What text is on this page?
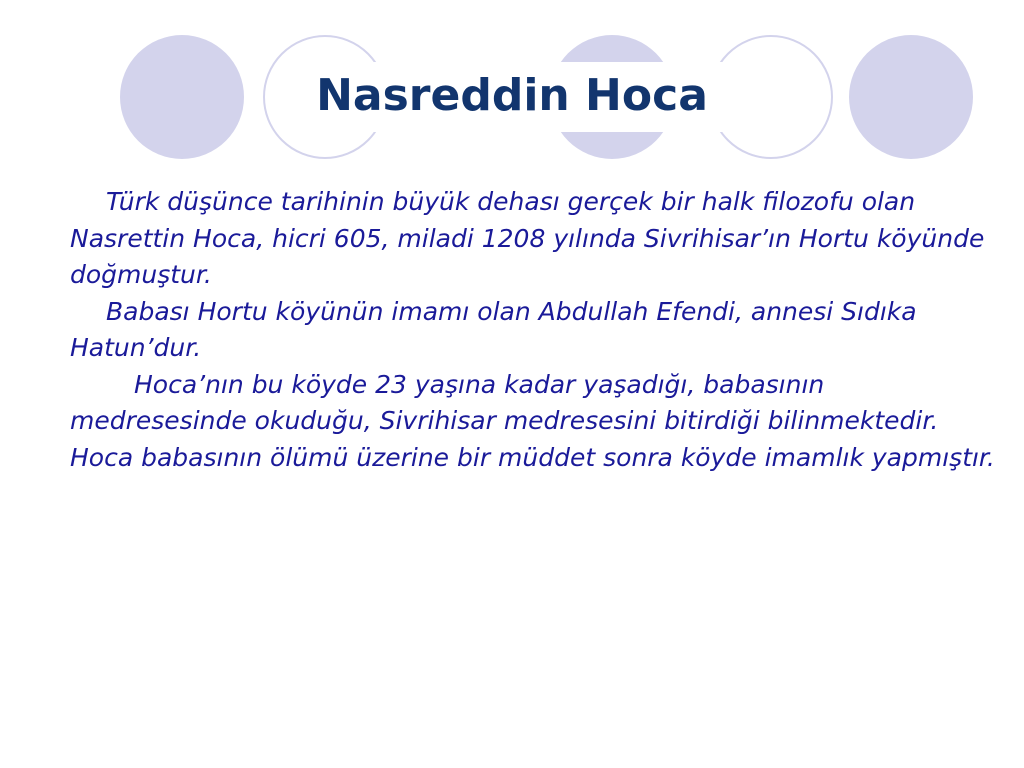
Nasreddin Hoca

Türk düşünce tarihinin büyük dehası gerçek bir halk filozofu olan Nasrettin Hoca, hicri 605, miladi 1208 yılında Sivrihisar’ın Hortu köyünde doğmuştur.

Babası Hortu köyünün imamı olan Abdullah Efendi, annesi Sıdıka Hatun’dur.

Hoca’nın bu köyde 23 yaşına kadar yaşadığı, babasının medresesinde okuduğu, Sivrihisar medresesini bitirdiği bilinmektedir. Hoca babasının ölümü üzerine bir müddet sonra köyde imamlık yapmıştır.
